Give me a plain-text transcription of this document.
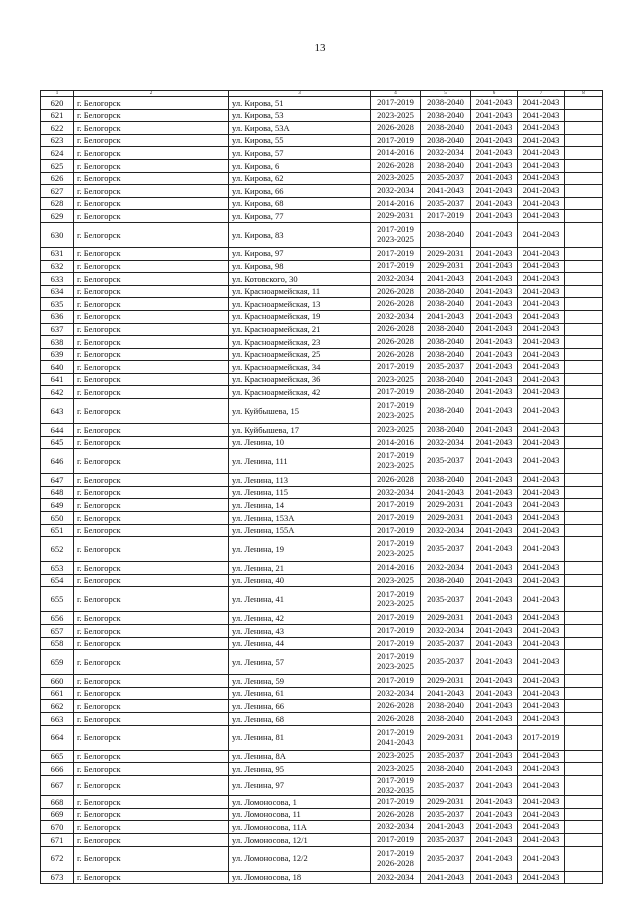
13
1	2	3	4	5	6	7	8
620	г. Белогорск	ул. Кирова, 51	2017-2019	2038-2040	2041-2043	2041-2043	
621	г. Белогорск	ул. Кирова, 53	2023-2025	2038-2040	2041-2043	2041-2043	
622	г. Белогорск	ул. Кирова, 53А	2026-2028	2038-2040	2041-2043	2041-2043	
623	г. Белогорск	ул. Кирова, 55	2017-2019	2038-2040	2041-2043	2041-2043	
624	г. Белогорск	ул. Кирова, 57	2014-2016	2032-2034	2041-2043	2041-2043	
625	г. Белогорск	ул. Кирова, 6	2026-2028	2038-2040	2041-2043	2041-2043	
626	г. Белогорск	ул. Кирова, 62	2023-2025	2035-2037	2041-2043	2041-2043	
627	г. Белогорск	ул. Кирова, 66	2032-2034	2041-2043	2041-2043	2041-2043	
628	г. Белогорск	ул. Кирова, 68	2014-2016	2035-2037	2041-2043	2041-2043	
629	г. Белогорск	ул. Кирова, 77	2029-2031	2017-2019	2041-2043	2041-2043	
630	г. Белогорск	ул. Кирова, 83	2017-2019 2023-2025	2038-2040	2041-2043	2041-2043	
631	г. Белогорск	ул. Кирова, 97	2017-2019	2029-2031	2041-2043	2041-2043	
632	г. Белогорск	ул. Кирова, 98	2017-2019	2029-2031	2041-2043	2041-2043	
633	г. Белогорск	ул. Котовского, 30	2032-2034	2041-2043	2041-2043	2041-2043	
634	г. Белогорск	ул. Красноармейская, 11	2026-2028	2038-2040	2041-2043	2041-2043	
635	г. Белогорск	ул. Красноармейская, 13	2026-2028	2038-2040	2041-2043	2041-2043	
636	г. Белогорск	ул. Красноармейская, 19	2032-2034	2041-2043	2041-2043	2041-2043	
637	г. Белогорск	ул. Красноармейская, 21	2026-2028	2038-2040	2041-2043	2041-2043	
638	г. Белогорск	ул. Красноармейская, 23	2026-2028	2038-2040	2041-2043	2041-2043	
639	г. Белогорск	ул. Красноармейская, 25	2026-2028	2038-2040	2041-2043	2041-2043	
640	г. Белогорск	ул. Красноармейская, 34	2017-2019	2035-2037	2041-2043	2041-2043	
641	г. Белогорск	ул. Красноармейская, 36	2023-2025	2038-2040	2041-2043	2041-2043	
642	г. Белогорск	ул. Красноармейская, 42	2017-2019	2038-2040	2041-2043	2041-2043	
643	г. Белогорск	ул. Куйбышева, 15	2017-2019 2023-2025	2038-2040	2041-2043	2041-2043	
644	г. Белогорск	ул. Куйбышева, 17	2023-2025	2038-2040	2041-2043	2041-2043	
645	г. Белогорск	ул. Ленина, 10	2014-2016	2032-2034	2041-2043	2041-2043	
646	г. Белогорск	ул. Ленина, 111	2017-2019 2023-2025	2035-2037	2041-2043	2041-2043	
647	г. Белогорск	ул. Ленина, 113	2026-2028	2038-2040	2041-2043	2041-2043	
648	г. Белогорск	ул. Ленина, 115	2032-2034	2041-2043	2041-2043	2041-2043	
649	г. Белогорск	ул. Ленина, 14	2017-2019	2029-2031	2041-2043	2041-2043	
650	г. Белогорск	ул. Ленина, 153А	2017-2019	2029-2031	2041-2043	2041-2043	
651	г. Белогорск	ул. Ленина, 155А	2017-2019	2032-2034	2041-2043	2041-2043	
652	г. Белогорск	ул. Ленина, 19	2017-2019 2023-2025	2035-2037	2041-2043	2041-2043	
653	г. Белогорск	ул. Ленина, 21	2014-2016	2032-2034	2041-2043	2041-2043	
654	г. Белогорск	ул. Ленина, 40	2023-2025	2038-2040	2041-2043	2041-2043	
655	г. Белогорск	ул. Ленина, 41	2017-2019 2023-2025	2035-2037	2041-2043	2041-2043	
656	г. Белогорск	ул. Ленина, 42	2017-2019	2029-2031	2041-2043	2041-2043	
657	г. Белогорск	ул. Ленина, 43	2017-2019	2032-2034	2041-2043	2041-2043	
658	г. Белогорск	ул. Ленина, 44	2017-2019	2035-2037	2041-2043	2041-2043	
659	г. Белогорск	ул. Ленина, 57	2017-2019 2023-2025	2035-2037	2041-2043	2041-2043	
660	г. Белогорск	ул. Ленина, 59	2017-2019	2029-2031	2041-2043	2041-2043	
661	г. Белогорск	ул. Ленина, 61	2032-2034	2041-2043	2041-2043	2041-2043	
662	г. Белогорск	ул. Ленина, 66	2026-2028	2038-2040	2041-2043	2041-2043	
663	г. Белогорск	ул. Ленина, 68	2026-2028	2038-2040	2041-2043	2041-2043	
664	г. Белогорск	ул. Ленина, 81	2017-2019 2041-2043	2029-2031	2041-2043	2017-2019	
665	г. Белогорск	ул. Ленина, 8А	2023-2025	2035-2037	2041-2043	2041-2043	
666	г. Белогорск	ул. Ленина, 95	2023-2025	2038-2040	2041-2043	2041-2043	
667	г. Белогорск	ул. Ленина, 97	2017-2019 2032-2035	2035-2037	2041-2043	2041-2043	
668	г. Белогорск	ул. Ломоносова, 1	2017-2019	2029-2031	2041-2043	2041-2043	
669	г. Белогорск	ул. Ломоносова, 11	2026-2028	2035-2037	2041-2043	2041-2043	
670	г. Белогорск	ул. Ломоносова, 11А	2032-2034	2041-2043	2041-2043	2041-2043	
671	г. Белогорск	ул. Ломоносова, 12/1	2017-2019	2035-2037	2041-2043	2041-2043	
672	г. Белогорск	ул. Ломоносова, 12/2	2017-2019 2026-2028	2035-2037	2041-2043	2041-2043	
673	г. Белогорск	ул. Ломоносова, 18	2032-2034	2041-2043	2041-2043	2041-2043	
